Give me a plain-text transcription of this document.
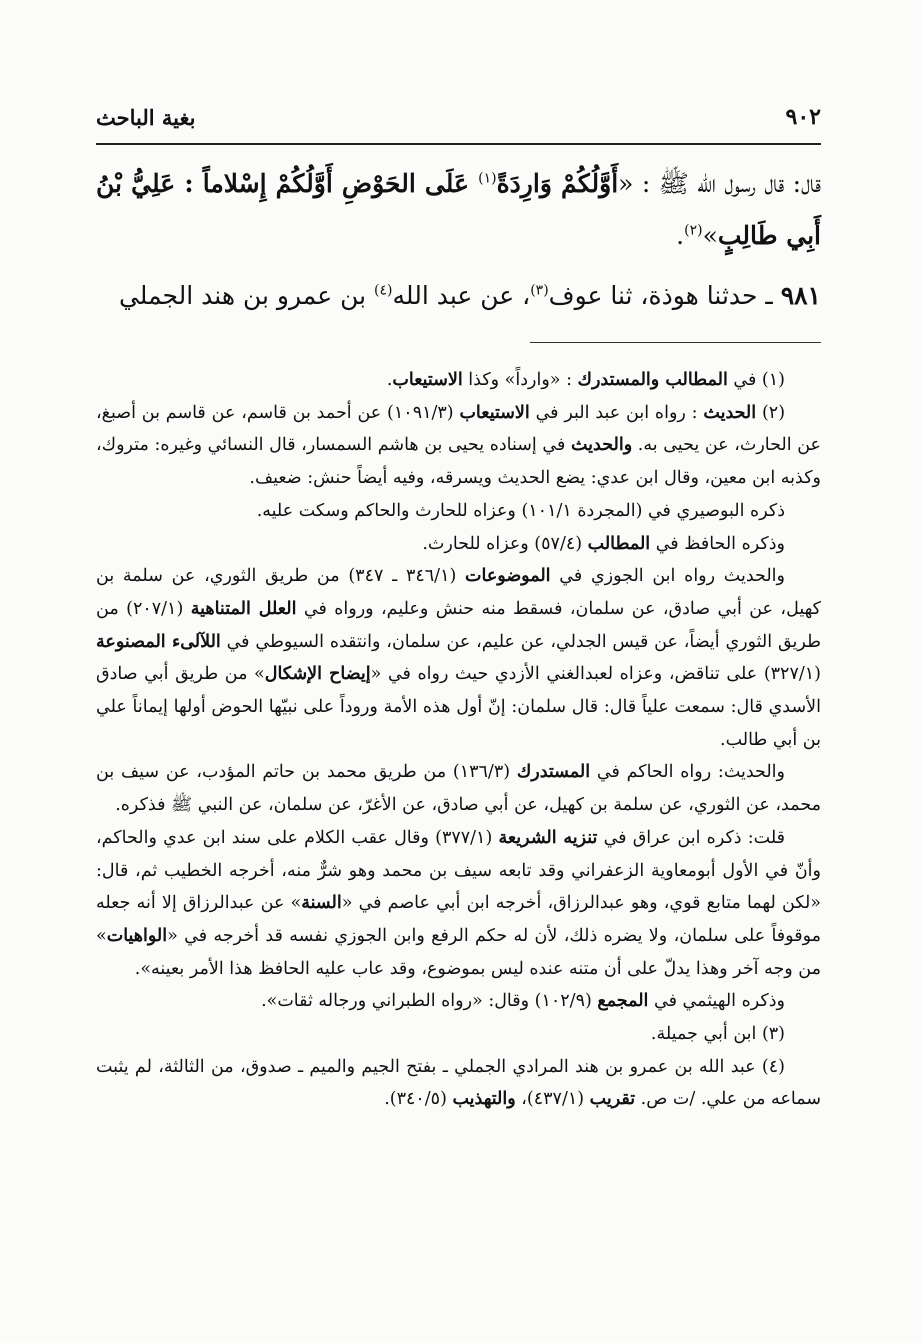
٩٠٢
بغية الباحث

قال: قال رسول الله ﷺ : «أَوَّلُكُمْ وَارِدَةً$^{(١)}$ عَلَى الحَوْضِ أَوَّلُكُمْ إِسْلاماً : عَلِيُّ بْنُ أَبِي طَالِبٍ»$^{(٢)}$.

٩٨١ ـ حدثنا هوذة، ثنا عوف$^{(٣)}$، عن عبد الله$^{(٤)}$ بن عمرو بن هند الجملي

(١) في المطالب والمستدرك : «وارداً» وكذا الاستيعاب.

(٢) الحديث : رواه ابن عبد البر في الاستيعاب (١٠٩١/٣) عن أحمد بن قاسم، عن قاسم بن أصبغ، عن الحارث، عن يحيى به. والحديث في إسناده يحيى بن هاشم السمسار، قال النسائي وغيره: متروك، وكذبه ابن معين، وقال ابن عدي: يضع الحديث ويسرقه، وفيه أيضاً حنش: ضعيف.

ذكره البوصيري في (المجردة ١٠١/١) وعزاه للحارث والحاكم وسكت عليه.

وذكره الحافظ في المطالب (٥٧/٤) وعزاه للحارث.

والحديث رواه ابن الجوزي في الموضوعات (٣٤٦/١ ـ ٣٤٧) من طريق الثوري، عن سلمة بن كهيل، عن أبي صادق، عن سلمان، فسقط منه حنش وعليم، ورواه في العلل المتناهية (٢٠٧/١) من طريق الثوري أيضاً، عن قيس الجدلي، عن عليم، عن سلمان، وانتقده السيوطي في اللآلىء المصنوعة (٣٢٧/١) على تناقض، وعزاه لعبدالغني الأزدي حيث رواه في «إيضاح الإشكال» من طريق أبي صادق الأسدي قال: سمعت علياً قال: قال سلمان: إنّ أول هذه الأمة وروداً على نبيّها الحوض أولها إيماناً علي بن أبي طالب.

والحديث: رواه الحاكم في المستدرك (١٣٦/٣) من طريق محمد بن حاتم المؤدب، عن سيف بن محمد، عن الثوري، عن سلمة بن كهيل، عن أبي صادق، عن الأغرّ، عن سلمان، عن النبي ﷺ فذكره.

قلت: ذكره ابن عراق في تنزيه الشريعة (٣٧٧/١) وقال عقب الكلام على سند ابن عدي والحاكم، وأنّ في الأول أبومعاوية الزعفراني وقد تابعه سيف بن محمد وهو شرٌّ منه، أخرجه الخطيب ثم، قال: «لكن لهما متابع قوي، وهو عبدالرزاق، أخرجه ابن أبي عاصم في «السنة» عن عبدالرزاق إلا أنه جعله موقوفاً على سلمان، ولا يضره ذلك، لأن له حكم الرفع وابن الجوزي نفسه قد أخرجه في «الواهيات» من وجه آخر وهذا يدلّ على أن متنه عنده ليس بموضوع، وقد عاب عليه الحافظ هذا الأمر بعينه».

وذكره الهيثمي في المجمع (١٠٢/٩) وقال: «رواه الطبراني ورجاله ثقات».

(٣) ابن أبي جميلة.

(٤) عبد الله بن عمرو بن هند المرادي الجملي ـ بفتح الجيم والميم ـ صدوق، من الثالثة، لم يثبت سماعه من علي. /ت ص. تقريب (٤٣٧/١)، والتهذيب (٣٤٠/٥).
